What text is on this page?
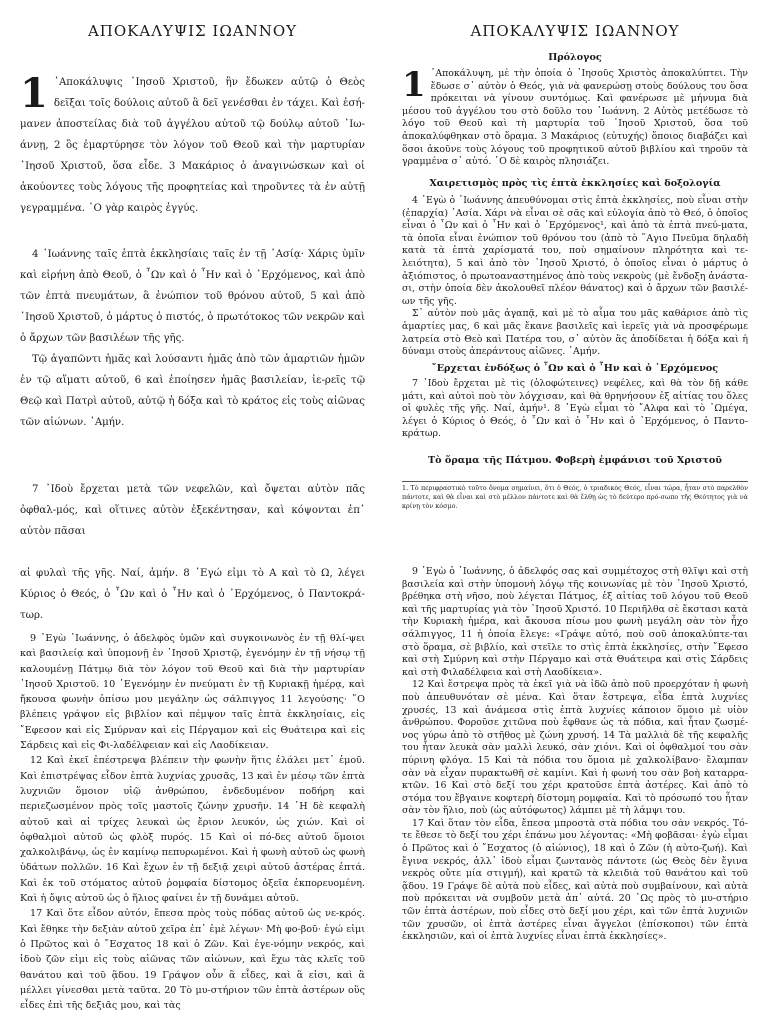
ΑΠΟΚΑΛΥΨΙΣ ΙΩΑΝΝΟΥ
1 ᾿Αποκάλυψις ᾿Ιησοῦ Χριστοῦ, ἣν ἔδωκεν αὐτῷ ὁ Θεὸς δεῖξαι τοῖς δούλοις αὐτοῦ ἃ δεῖ γενέσθαι ἐν τάχει. Καὶ ἐσή-μανεν ἀποστείλας διὰ τοῦ ἀγγέλου αὐτοῦ τῷ δούλῳ αὐτοῦ ᾿Ιω-άννῃ, 2 ὃς ἐμαρτύρησε τὸν λόγον τοῦ Θεοῦ καὶ τὴν μαρτυρίαν ᾿Ιησοῦ Χριστοῦ, ὅσα εἶδε. 3 Μακάριος ὁ ἀναγινώσκων καὶ οἱ ἀκούοντες τοὺς λόγους τῆς προφητείας καὶ τηροῦντες τὰ ἐν αὐτῇ γεγραμμένα. ῾Ο γὰρ καιρὸς ἐγγύς.

4 ᾿Ιωάννης ταῖς ἑπτὰ ἐκκλησίαις ταῖς ἐν τῇ ᾿Ασίᾳ· Χάρις ὑμῖν καὶ εἰρήνη ἀπὸ Θεοῦ, ὁ ῏Ων καὶ ὁ ῏Ην καὶ ὁ ᾿Ερχόμενος, καὶ ἀπὸ τῶν ἑπτὰ πνευμάτων, ἃ ἐνώπιον τοῦ θρόνου αὐτοῦ, 5 καὶ ἀπὸ ᾿Ιησοῦ Χριστοῦ, ὁ μάρτυς ὁ πιστός, ὁ πρωτότοκος τῶν νεκρῶν καὶ ὁ ἄρχων τῶν βασιλέων τῆς γῆς.

Τῷ ἀγαπῶντι ἡμᾶς καὶ λούσαντι ἡμᾶς ἀπὸ τῶν ἁμαρτιῶν ἡμῶν ἐν τῷ αἵματι αὐτοῦ, 6 καὶ ἐποίησεν ἡμᾶς βασιλείαν, ἱε-ρεῖς τῷ Θεῷ καὶ Πατρὶ αὐτοῦ, αὐτῷ ἡ δόξα καὶ τὸ κράτος εἰς τοὺς αἰῶνας τῶν αἰώνων. ᾿Αμήν.

7 ᾿Ιδοὺ ἔρχεται μετὰ τῶν νεφελῶν, καὶ ὄψεται αὐτὸν πᾶς ὀφθαλ-μός, καὶ οἵτινες αὐτὸν ἐξεκέντησαν, καὶ κόψονται ἐπ᾿ αὐτὸν πᾶσαι

αἱ φυλαὶ τῆς γῆς. Ναί, ἀμήν. 8 ᾿Εγώ εἰμι τὸ Α καὶ τὸ Ω, λέγει Κύριος ὁ Θεός, ὁ ῏Ων καὶ ὁ ῏Ην καὶ ὁ ᾿Ερχόμενος, ὁ Παντοκρά-τωρ.

9 ᾿Εγὼ ᾿Ιωάννης, ὁ ἀδελφὸς ὑμῶν καὶ συγκοινωνὸς ἐν τῇ θλί-ψει καὶ βασιλείᾳ καὶ ὑπομονῇ ἐν ᾿Ιησοῦ Χριστῷ, ἐγενόμην ἐν τῇ νήσῳ τῇ καλουμένῃ Πάτμῳ διὰ τὸν λόγον τοῦ Θεοῦ καὶ διὰ τὴν μαρτυρίαν ᾿Ιησοῦ Χριστοῦ. 10 ᾿Εγενόμην ἐν πνεύματι ἐν τῇ Κυριακῇ ἡμέρᾳ, καὶ ἤκουσα φωνὴν ὀπίσω μου μεγάλην ὡς σάλπιγγος 11 λεγούσης· ῞Ο βλέπεις γράψον εἰς βιβλίον καὶ πέμψον ταῖς ἑπτὰ ἐκκλησίαις, εἰς ῎Εφεσον καὶ εἰς Σμύρναν καὶ εἰς Πέργαμον καὶ εἰς Θυάτειρα καὶ εἰς Σάρδεις καὶ εἰς Φι-λαδέλφειαν καὶ εἰς Λαοδίκειαν.

12 Καὶ ἐκεῖ ἐπέστρεψα βλέπειν τὴν φωνὴν ἥτις ἐλάλει μετ᾿ ἐμοῦ. Καὶ ἐπιστρέψας εἶδον ἑπτὰ λυχνίας χρυσᾶς, 13 καὶ ἐν μέσῳ τῶν ἑπτὰ λυχνιῶν ὅμοιον υἱῷ ἀνθρώπου, ἐνδεδυμένον ποδήρη καὶ περιεζωσμένον πρὸς τοῖς μαστοῖς ζώνην χρυσῆν. 14 ῾Η δὲ κεφαλὴ αὐτοῦ καὶ αἱ τρίχες λευκαὶ ὡς ἔριον λευκόν, ὡς χιών. Καὶ οἱ ὀφθαλμοὶ αὐτοῦ ὡς φλὸξ πυρός. 15 Καὶ οἱ πό-δες αὐτοῦ ὅμοιοι χαλκολιβάνῳ, ὡς ἐν καμίνῳ πεπυρωμένοι. Καὶ ἡ φωνὴ αὐτοῦ ὡς φωνὴ ὑδάτων πολλῶν. 16 Καὶ ἔχων ἐν τῇ δεξιᾷ χειρὶ αὐτοῦ ἀστέρας ἑπτά. Καὶ ἐκ τοῦ στόματος αὐτοῦ ῥομφαία δίστομος ὀξεῖα ἐκπορευομένη. Καὶ ἡ ὄψις αὐτοῦ ὡς ὁ ἥλιος φαίνει ἐν τῇ δυνάμει αὐτοῦ.

17 Καὶ ὅτε εἶδον αὐτόν, ἔπεσα πρὸς τοὺς πόδας αὐτοῦ ὡς νε-κρός. Καὶ ἔθηκε τὴν δεξιὰν αὐτοῦ χεῖρα ἐπ᾿ ἐμὲ λέγων· Μὴ φο-βοῦ· ἐγώ εἰμι ὁ Πρῶτος καὶ ὁ ῎Εσχατος 18 καὶ ὁ Ζῶν. Καὶ ἐγε-νόμην νεκρός, καὶ ἰδοὺ ζῶν εἰμι εἰς τοὺς αἰῶνας τῶν αἰώνων, καὶ ἔχω τὰς κλεῖς τοῦ θανάτου καὶ τοῦ ᾅδου. 19 Γράψον οὖν ἃ εἶδες, καὶ ἅ εἰσι, καὶ ἃ μέλλει γίνεσθαι μετὰ ταῦτα. 20 Τὸ μυ-στήριον τῶν ἑπτὰ ἀστέρων οὓς εἶδες ἐπὶ τῆς δεξιᾶς μου, καὶ τὰς

ΑΠΟΚΑΛΥΨΙΣ ΙΩΑΝΝΟΥ

Πρόλογος

1 ᾿Αποκάλυψη, μὲ τὴν ὁποία ὁ ᾿Ιησοῦς Χριστὸς ἀποκαλύπτει. Τὴν ἔδωσε σ᾿ αὐτὸν ὁ Θεός, γιὰ νὰ φανερώσῃ στοὺς δούλους του ὅσα πρόκειται νὰ γίνουν συντόμως. Καὶ φανέρωσε μὲ μήνυμα διὰ μέσου τοῦ ἀγγέλου του στὸ δοῦλο του ᾿Ιωάννη. 2 Αὐτὸς μετέδωσε τὸ λόγο τοῦ Θεοῦ καὶ τὴ μαρτυρία τοῦ ᾿Ιησοῦ Χριστοῦ, ὅσα τοῦ ἀποκαλύφθηκαν στὸ ὅραμα. 3 Μακάριος (εὐτυχής) ὅποιος διαβάζει καὶ ὅσοι ἀκοῦνε τοὺς λόγους τοῦ προφητικοῦ αὐτοῦ βιβλίου καὶ τηροῦν τὰ γραμμένα σ᾿ αὐτό. ῾Ο δὲ καιρὸς πλησιάζει.

Χαιρετισμὸς πρὸς τὶς ἑπτὰ ἐκκλησίες καὶ δοξολογία

4 ᾿Εγὼ ὁ ᾿Ιωάννης ἀπευθύνομαι στὶς ἑπτὰ ἐκκλησίες, ποὺ εἶναι στὴν (ἐπαρχία) ᾿Ασία. Χάρι νὰ εἶναι σὲ σᾶς καὶ εὐλογία ἀπὸ τὸ Θεό, ὁ ὁποῖος εἶναι ὁ ῏Ων καὶ ὁ ῏Ην καὶ ὁ ᾿Ερχόμενος¹, καὶ ἀπὸ τὰ ἑπτὰ πνεύ-ματα, τὰ ὁποῖα εἶναι ἐνώπιον τοῦ θρόνου του (ἀπὸ τὸ ῞Αγιο Πνεῦμα δηλαδὴ κατὰ τὰ ἑπτὰ χαρίσματά του, ποὺ σημαίνουν πληρότητα καὶ τε-λειότητα), 5 καὶ ἀπὸ τὸν ᾿Ιησοῦ Χριστό, ὁ ὁποῖος εἶναι ὁ μάρτυς ὁ ἀξιόπιστος, ὁ πρωτοαναστημένος ἀπὸ τοὺς νεκροὺς (μὲ ἔνδοξη ἀνάστα-σι, στὴν ὁποία δὲν ἀκολουθεῖ πλέον θάνατος) καὶ ὁ ἄρχων τῶν βασιλέ-ων τῆς γῆς.

Σ᾿ αὐτὸν ποὺ μᾶς ἀγαπᾷ, καὶ μὲ τὸ αἷμα του μᾶς καθάρισε ἀπὸ τὶς ἁμαρτίες μας, 6 καὶ μᾶς ἔκανε βασιλεῖς καὶ ἱερεῖς γιὰ νὰ προσφέρωμε λατρεία στὸ Θεὸ καὶ Πατέρα του, σ᾿ αὐτὸν ἂς ἀποδίδεται ἡ δόξα καὶ ἡ δύναμι στοὺς ἀπεράντους αἰῶνες. ᾿Αμήν.

῎Ερχεται ἐνδόξως ὁ ῏Ων καὶ ὁ ῏Ην καὶ ὁ ᾿Ερχόμενος

7 ᾿Ιδοὺ ἔρχεται μὲ τὶς (ὁλοφώτεινες) νεφέλες, καὶ θὰ τὸν δῇ κάθε μάτι, καὶ αὐτοὶ ποὺ τὸν λόγχισαν, καὶ θὰ θρηνήσουν ἐξ αἰτίας του ὅλες οἱ φυλὲς τῆς γῆς. Ναί, ἀμήν¹. 8 ᾿Εγὼ εἶμαι τὸ ῎Αλφα καὶ τὸ ᾿Ωμέγα, λέγει ὁ Κύριος ὁ Θεός, ὁ ῏Ων καὶ ὁ ῏Ην καὶ ὁ ᾿Ερχόμενος, ὁ Παντο-κράτωρ.

Τὸ ὅραμα τῆς Πάτμου. Φοβερὴ ἐμφάνισι τοῦ Χριστοῦ

1. Τὸ περιφραστικὸ τοῦτο ὄνομα σημαίνει, ὅτι ὁ Θεός, ὁ τριαδικὸς Θεός, εἶναι τώρα, ἦταν στὸ παρελθὸν πάντοτε, καὶ θὰ εἶναι καὶ στὸ μέλλον πάντοτε καὶ θὰ ἔλθῃ ὡς τὸ δεύτερο πρό-σωπο τῆς Θεότητος γιὰ νὰ κρίνῃ τὸν κόσμο.

9 ᾿Εγὼ ὁ ᾿Ιωάννης, ὁ ἀδελφός σας καὶ συμμέτοχος στὴ θλῖψι καὶ στὴ βασιλεία καὶ στὴν ὑπομονὴ λόγῳ τῆς κοινωνίας μὲ τὸν ᾿Ιησοῦ Χριστό, βρέθηκα στὴ νῆσο, ποὺ λέγεται Πάτμος, ἐξ αἰτίας τοῦ λόγου τοῦ Θεοῦ καὶ τῆς μαρτυρίας γιὰ τὸν ᾿Ιησοῦ Χριστό. 10 Περιῆλθα σὲ ἔκστασι κατὰ τὴν Κυριακὴ ἡμέρα, καὶ ἄκουσα πίσω μου φωνὴ μεγάλη σὰν τὸν ἦχο σάλπιγγος, 11 ἡ ὁποία ἔλεγε: «Γράψε αὐτό, ποὺ σοῦ ἀποκαλύπτε-ται στὸ ὅραμα, σὲ βιβλίο, καὶ στεῖλε το στὶς ἑπτὰ ἐκκλησίες, στὴν ῎Εφεσο καὶ στὴ Σμύρνη καὶ στὴν Πέργαμο καὶ στὰ Θυάτειρα καὶ στὶς Σάρδεις καὶ στὴ Φιλαδέλφεια καὶ στὴ Λαοδίκεια».

12 Καὶ ἔστρεψα πρὸς τὰ ἐκεῖ γιὰ νὰ ἰδῶ ἀπὸ ποῦ προερχόταν ἡ φωνὴ ποὺ ἀπευθυνόταν σὲ μένα. Καὶ ὅταν ἔστρεψα, εἶδα ἑπτὰ λυχνίες χρυσές, 13 καὶ ἀνάμεσα στὶς ἑπτὰ λυχνίες κάποιον ὅμοιο μὲ υἱὸν ἀνθρώπου. Φοροῦσε χιτῶνα ποὺ ἔφθανε ὡς τὰ πόδια, καὶ ἦταν ζωσμέ-νος γύρω ἀπὸ τὸ στῆθος μὲ ζώνη χρυσή. 14 Τὰ μαλλιὰ δὲ τῆς κεφαλῆς του ἦταν λευκὰ σὰν μαλλὶ λευκό, σὰν χιόνι. Καὶ οἱ ὀφθαλμοί του σὰν πύρινη φλόγα. 15 Καὶ τὰ πόδια του ὅμοια μὲ χαλκολίβανο· ἔλαμπαν σὰν νὰ εἶχαν πυρακτωθῆ σὲ καμίνι. Καὶ ἡ φωνή του σὰν βοὴ καταρρα-κτῶν. 16 Καὶ στὸ δεξί του χέρι κρατοῦσε ἑπτὰ ἀστέρες. Καὶ ἀπὸ τὸ στόμα του ἔβγαινε κοφτερὴ δίστομη ρομφαία. Καὶ τὸ πρόσωπό του ἦταν σὰν τὸν ἥλιο, ποὺ (ὡς αὐτόφωτος) λάμπει μὲ τὴ λάμψι του.

17 Καὶ ὅταν τὸν εἶδα, ἔπεσα μπροστὰ στὰ πόδια του σὰν νεκρός. Τό-τε ἔθεσε τὸ δεξί του χέρι ἐπάνω μου λέγοντας: «Μὴ φοβᾶσαι· ἐγὼ εἶμαι ὁ Πρῶτος καὶ ὁ ῎Εσχατος (ὁ αἰώνιος), 18 καὶ ὁ Ζῶν (ἡ αὐτο-ζωή). Καὶ ἔγινα νεκρός, ἀλλ᾿ ἰδοὺ εἶμαι ζωντανὸς πάντοτε (ὡς Θεὸς δὲν ἔγινα νεκρὸς οὔτε μία στιγμή), καὶ κρατῶ τὰ κλειδιὰ τοῦ θανάτου καὶ τοῦ ᾅδου. 19 Γράψε δὲ αὐτὰ ποὺ εἶδες, καὶ αὐτὰ ποὺ συμβαίνουν, καὶ αὐτὰ ποὺ πρόκειται νὰ συμβοῦν μετὰ ἀπ᾿ αὐτά. 20 ῾Ως πρὸς τὸ μυ-στήριο τῶν ἑπτὰ ἀστέρων, ποὺ εἶδες στὸ δεξί μου χέρι, καὶ τῶν ἑπτὰ λυχνιῶν τῶν χρυσῶν, οἱ ἑπτὰ ἀστέρες εἶναι ἄγγελοι (ἐπίσκοποι) τῶν ἑπτὰ ἐκκλησιῶν, καὶ οἱ ἑπτὰ λυχνίες εἶναι ἑπτὰ ἐκκλησίες».
